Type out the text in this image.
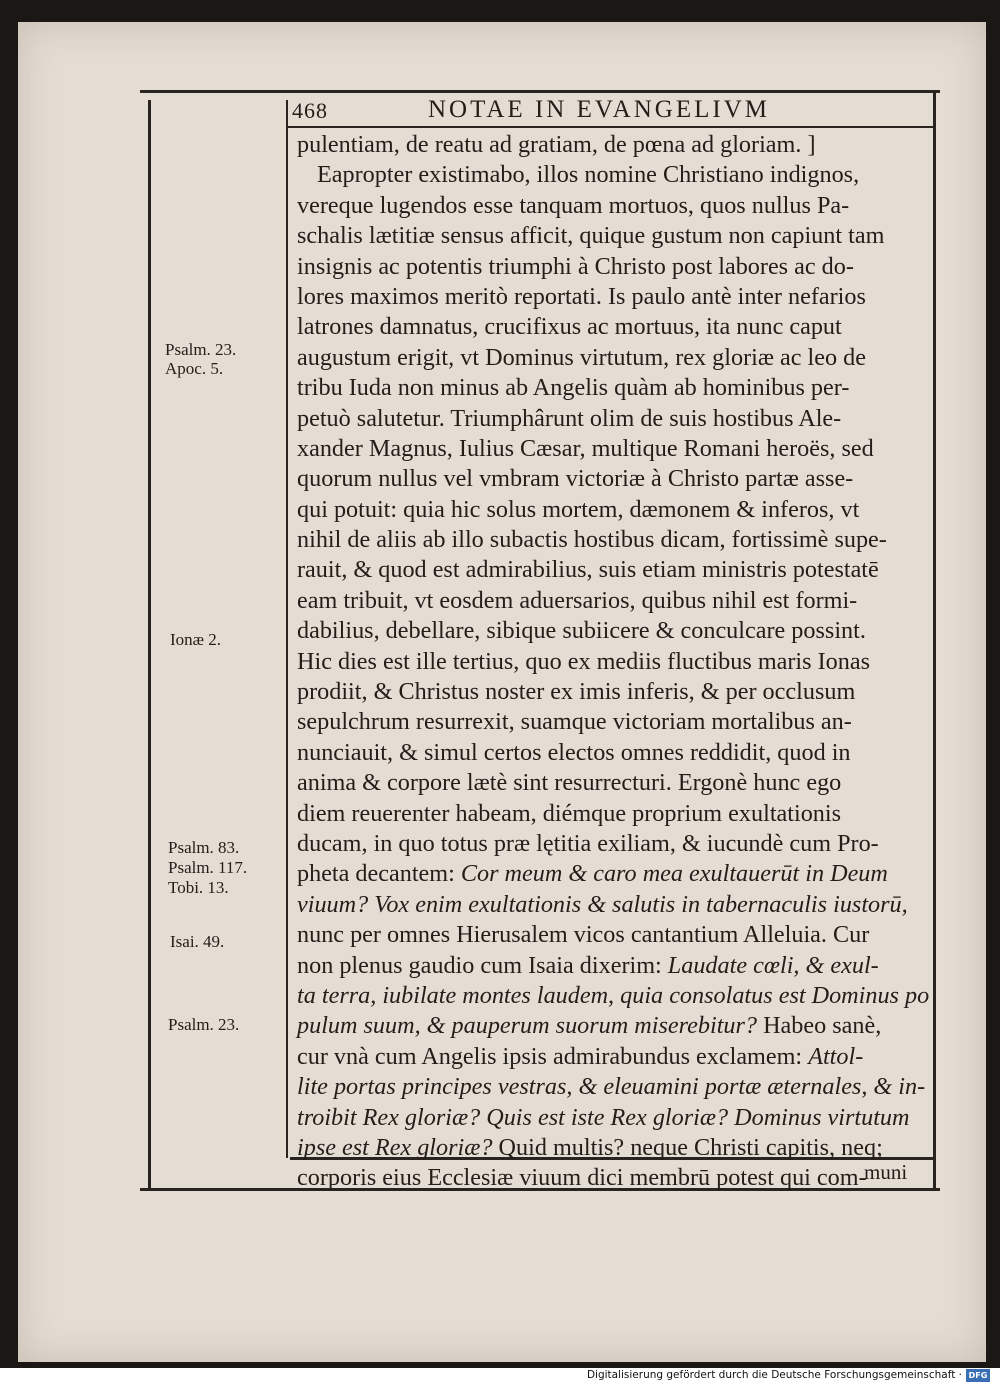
468	NOTAE IN EVANGELIVM
pulentiam, de reatu ad gratiam, de pœna ad gloriam. ]
Eapropter existimabo, illos nomine Christiano indignos,
vereque lugendos esse tanquam mortuos, quos nullus Pa-
schalis lætitiæ sensus afficit, quique gustum non capiunt tam
insignis ac potentis triumphi à Christo post labores ac do-
lores maximos meritò reportati. Is paulo antè inter nefarios
latrones damnatus, crucifixus ac mortuus, ita nunc caput
augustum erigit, vt Dominus virtutum, rex gloriæ ac leo de
tribu Iuda non minus ab Angelis quàm ab hominibus per-
petuò salutetur. Triumphârunt olim de suis hostibus Ale-
xander Magnus, Iulius Cæsar, multique Romani heroës, sed
quorum nullus vel vmbram victoriæ à Christo partæ asse-
qui potuit: quia hic solus mortem, dæmonem & inferos, vt
nihil de aliis ab illo subactis hostibus dicam, fortissimè supe-
rauit, & quod est admirabilius, suis etiam ministris potestatē
eam tribuit, vt eosdem aduersarios, quibus nihil est formi-
dabilius, debellare, sibique subiicere & conculcare possint.
Hic dies est ille tertius, quo ex mediis fluctibus maris Ionas
prodiit, & Christus noster ex imis inferis, & per occlusum
sepulchrum resurrexit, suamque victoriam mortalibus an-
nunciauit, & simul certos electos omnes reddidit, quod in
anima & corpore lætè sint resurrecturi. Ergonè hunc ego
diem reuerenter habeam, diémque proprium exultationis
ducam, in quo totus præ lętitia exiliam, & iucundè cum Pro-
pheta decantem: Cor meum & caro mea exultauerūt in Deum
viuum? Vox enim exultationis & salutis in tabernaculis iustorū,
nunc per omnes Hierusalem vicos cantantium Alleluia. Cur
non plenus gaudio cum Isaia dixerim: Laudate cœli, & exul-
ta terra, iubilate montes laudem, quia consolatus est Dominus po
pulum suum, & pauperum suorum miserebitur? Habeo sanè,
cur vnà cum Angelis ipsis admirabundus exclamem: Attol-
lite portas principes vestras, & eleuamini portæ æternales, & in-
troibit Rex gloriæ? Quis est iste Rex gloriæ? Dominus virtutum
ipse est Rex gloriæ? Quid multis? neque Christi capitis, neq;
corporis eius Ecclesiæ viuum dici membrū potest qui com-
Psalm. 23.
Apoc. 5.
Ionæ 2.
Psalm. 83.
Psalm. 117.
Tobi. 13.
Isai. 49.
Psalm. 23.
muni
Digitalisierung gefördert durch die Deutsche Forschungsgemeinschaft · DFG
